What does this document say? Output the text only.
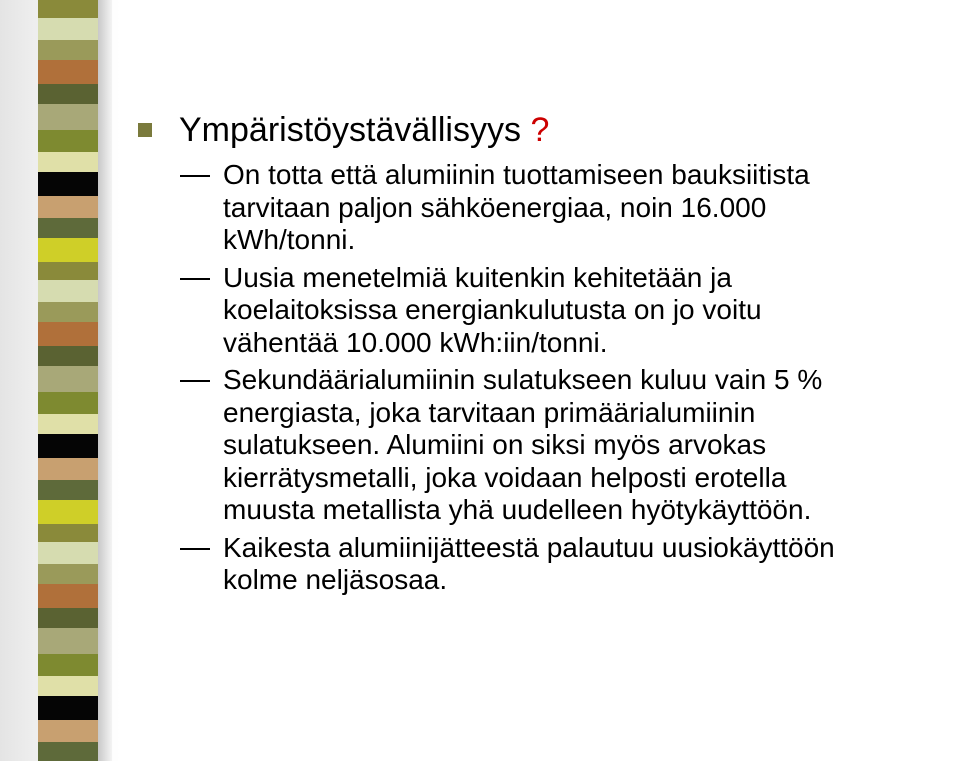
Ympäristöystävällisyys ?
On totta että alumiinin tuottamiseen bauksiitista
tarvitaan paljon sähköenergiaa, noin 16.000
kWh/tonni.
Uusia menetelmiä kuitenkin kehitetään ja
koelaitoksissa energiankulutusta on jo voitu
vähentää 10.000 kWh:iin/tonni.
Sekundäärialumiinin sulatukseen kuluu vain 5 %
energiasta, joka tarvitaan primäärialumiinin
sulatukseen. Alumiini on siksi myös arvokas
kierrätysmetalli, joka voidaan helposti erotella
muusta metallista yhä uudelleen hyötykäyttöön.
Kaikesta alumiinijätteestä palautuu uusiokäyttöön
kolme neljäsosaa.
